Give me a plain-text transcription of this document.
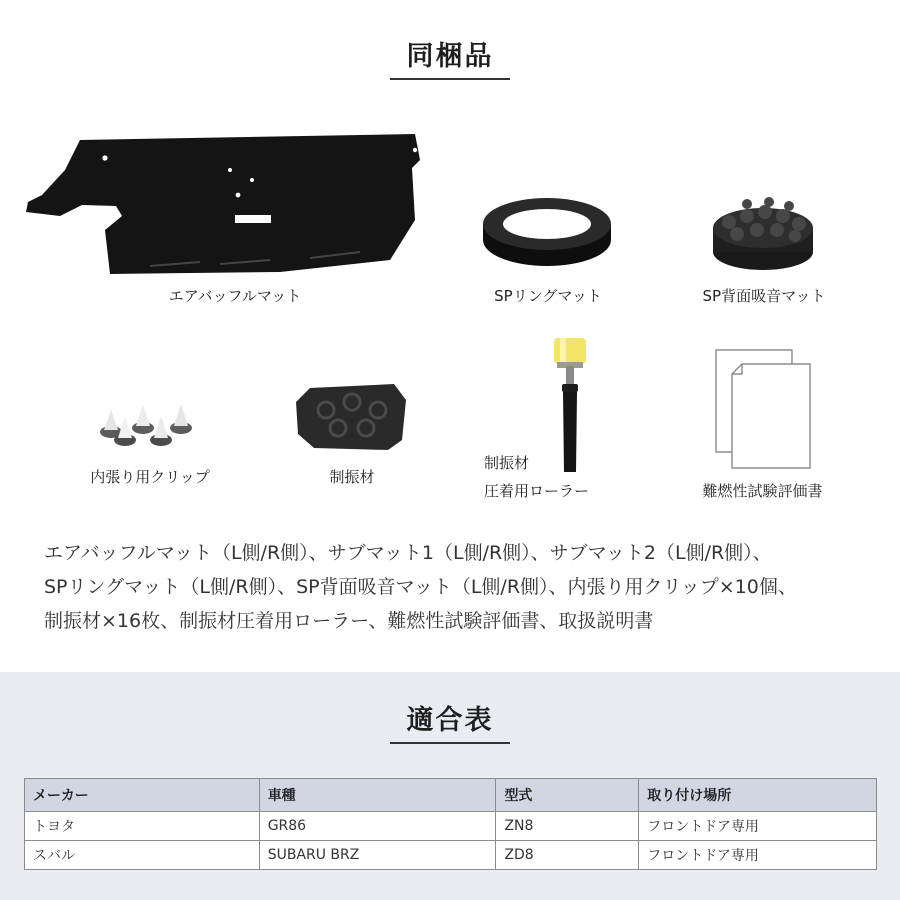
同梱品
エアバッフルマット	SPリングマット	SP背面吸音マット
内張り用クリップ	制振材
制振材
圧着用ローラー	難燃性試験評価書
エアバッフルマット（L側/R側）、サブマット1（L側/R側）、サブマット2（L側/R側）、
SPリングマット（L側/R側）、SP背面吸音マット（L側/R側）、内張り用クリップ×10個、
制振材×16枚、制振材圧着用ローラー、難燃性試験評価書、取扱説明書
適合表
メーカー	車種	型式	取り付け場所
トヨタ	GR86	ZN8	フロントドア専用
スバル	SUBARU BRZ	ZD8	フロントドア専用
